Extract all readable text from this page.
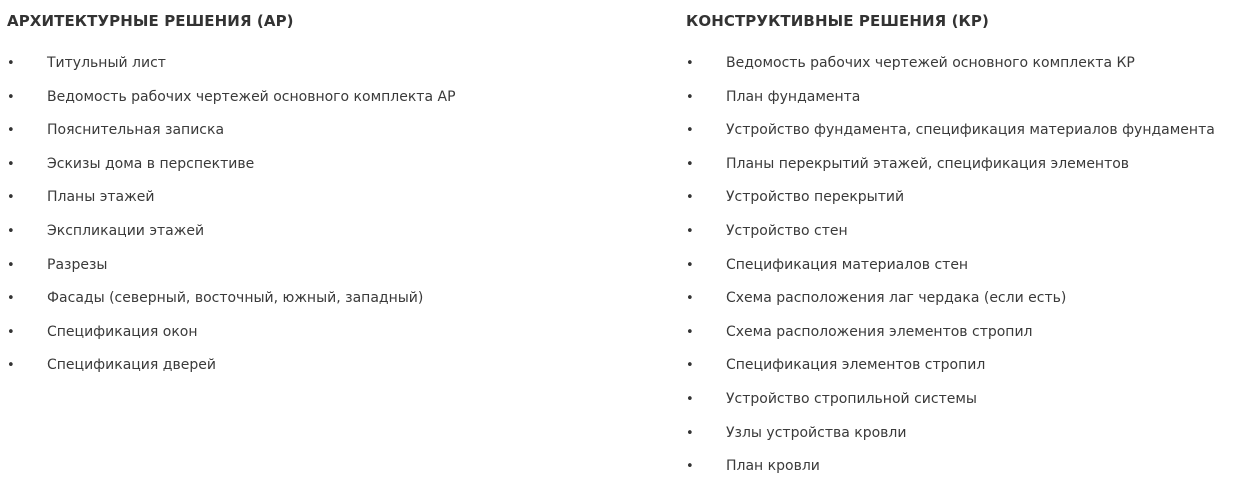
АРХИТЕКТУРНЫЕ РЕШЕНИЯ (АР)
• Титульный лист
• Ведомость рабочих чертежей основного комплекта АР
• Пояснительная записка
• Эскизы дома в перспективе
• Планы этажей
• Экспликации этажей
• Разрезы
• Фасады (северный, восточный, южный, западный)
• Спецификация окон
• Спецификация дверей
КОНСТРУКТИВНЫЕ РЕШЕНИЯ (КР)
• Ведомость рабочих чертежей основного комплекта КР
• План фундамента
• Устройство фундамента, спецификация материалов фундамента
• Планы перекрытий этажей, спецификация элементов
• Устройство перекрытий
• Устройство стен
• Спецификация материалов стен
• Схема расположения лаг чердака (если есть)
• Схема расположения элементов стропил
• Спецификация элементов стропил
• Устройство стропильной системы
• Узлы устройства кровли
• План кровли
